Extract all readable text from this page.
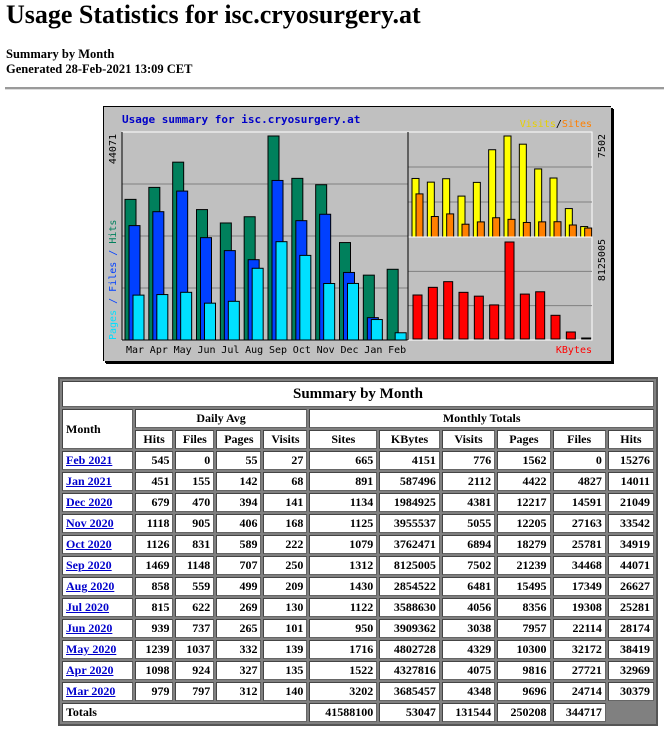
Usage Statistics for isc.cryosurgery.at
Summary by Month
Generated 28-Feb-2021 13:09 CET
Usage summary for isc.cryosurgery.at
Mar Apr May Jun Jul Aug Sep Oct Nov Dec Jan Feb
44071
Pages / Files / Hits
7502
8125005
Visits/Sites
KBytes
Summary by Month										
Month	Daily Avg				Monthly Totals					
	Hits	Files	Pages	Visits	Sites	KBytes	Visits	Pages	Files	Hits
Feb 2021	545	0	55	27	665	4151	776	1562	0	15276
Jan 2021	451	155	142	68	891	587496	2112	4422	4827	14011
Dec 2020	679	470	394	141	1134	1984925	4381	12217	14591	21049
Nov 2020	1118	905	406	168	1125	3955537	5055	12205	27163	33542
Oct 2020	1126	831	589	222	1079	3762471	6894	18279	25781	34919
Sep 2020	1469	1148	707	250	1312	8125005	7502	21239	34468	44071
Aug 2020	858	559	499	209	1430	2854522	6481	15495	17349	26627
Jul 2020	815	622	269	130	1122	3588630	4056	8356	19308	25281
Jun 2020	939	737	265	101	950	3909362	3038	7957	22114	28174
May 2020	1239	1037	332	139	1716	4802728	4329	10300	32172	38419
Apr 2020	1098	924	327	135	1522	4327816	4075	9816	27721	32969
Mar 2020	979	797	312	140	3202	3685457	4348	9696	24714	30379
Totals					41588100	53047	131544	250208	344717	
